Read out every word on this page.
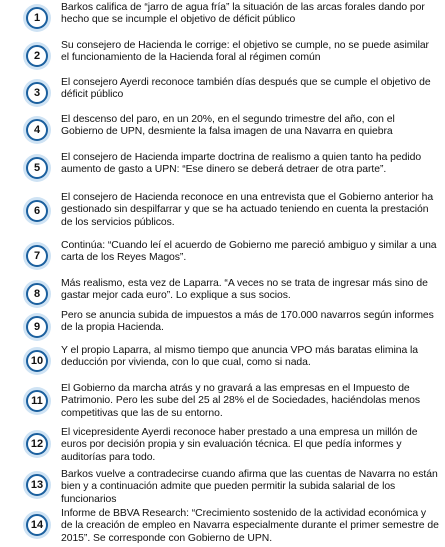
1

Barkos califica de “jarro de agua fría” la situación de las arcas forales dando por hecho que se incumple el objetivo de déficit público

2

Su consejero de Hacienda le corrige: el objetivo se cumple, no se puede asimilar el funcionamiento de la Hacienda foral al régimen común

3

El consejero Ayerdi reconoce también días después que se cumple el objetivo de déficit público

4

El descenso del paro, en un 20%, en el segundo trimestre del año, con el Gobierno de UPN, desmiente la falsa imagen de una Navarra en quiebra

5

El consejero de Hacienda imparte doctrina de realismo a quien tanto ha pedido aumento de gasto a UPN: “Ese dinero se deberá detraer de otra parte”.

6

El consejero de Hacienda reconoce en una entrevista que el Gobierno anterior ha gestionado sin despilfarrar y que se ha actuado teniendo en cuenta la prestación de los servicios públicos.

7

Continúa: “Cuando leí el acuerdo de Gobierno me pareció ambiguo y similar a una carta de los Reyes Magos”.

8

Más realismo, esta vez de Laparra. “A veces no se trata de ingresar más sino de gastar mejor cada euro”. Lo explique a sus socios.

9

Pero se anuncia subida de impuestos a más de 170.000 navarros según informes de la propia Hacienda.

10

Y el propio Laparra, al mismo tiempo que anuncia VPO más baratas elimina la deducción por vivienda, con lo que cual, como si nada.

11

El Gobierno da marcha atrás y no gravará a las empresas en el Impuesto de Patrimonio. Pero les sube del 25 al 28% el de Sociedades, haciéndolas menos competitivas que las de su entorno.

12

El vicepresidente Ayerdi reconoce haber prestado a una empresa un millón de euros por decisión propia y sin evaluación técnica. El que pedía informes y auditorías para todo.

13

Barkos vuelve a contradecirse cuando afirma que las cuentas de Navarra no están bien y a continuación admite que pueden permitir la subida salarial de los funcionarios

14

Informe de BBVA Research: “Crecimiento sostenido de la actividad económica y de la creación de empleo en Navarra especialmente durante el primer semestre de 2015”. Se corresponde con Gobierno de UPN.
